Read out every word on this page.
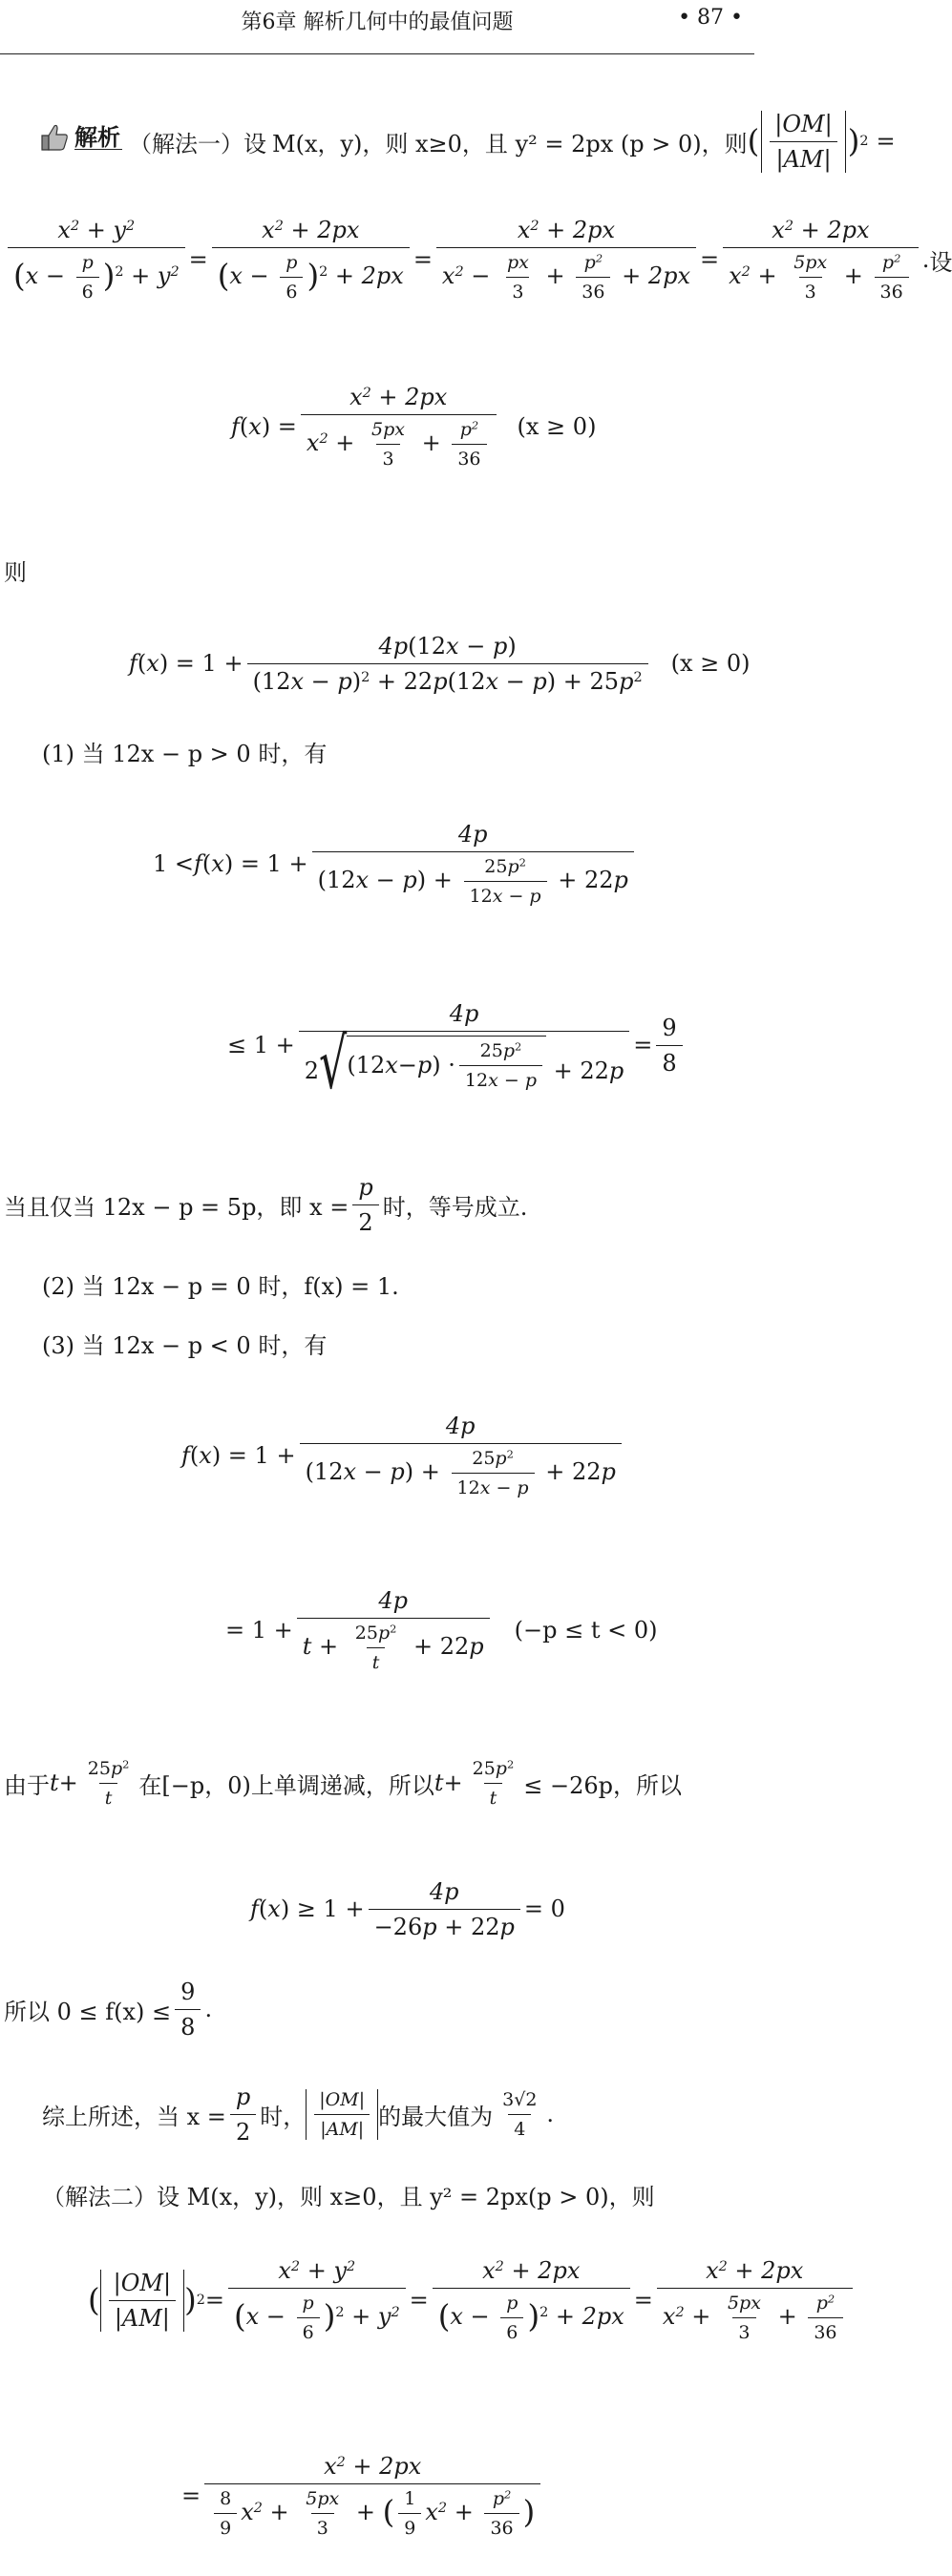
第6章 解析几何中的最值问题	• 87 •
解析 （解法一）设 M(x，y)，则 x≥0，且 y² = 2px (p > 0)，则 ( |OM|
|AM| ) 2 =
$\frac{x^2 + y^2}{(x - \frac{p}{6} )^2 + y^2} = \frac{x^2 + 2px}{(x - \frac{p}{6} )^2 + 2px} = \frac{x^2 + 2px}{x^2 - \frac{px}{3} + \frac{p^2}{36} + 2px} = \frac{x^2 + 2px}{x^2 + \frac{5px}{3} + \frac{p^2}{36}}$ . 设
f ( x ) =
$x^2 + 2px$
$x^2 + \frac{5px}{3} + \frac{p^2}{36} (x \ge 0)$
则
f ( x ) = 1 +
4p(12x − p)
$(12x - p)^2 + 22p(12x - p) + 25p^2$
(x ≥ 0)
(1) 当 12x − p > 0 时，有
1 < f ( x ) = 1 +
4p
$(12x - p) + \frac{25p^2}{12x - p} + 22p$
≤ 1 +
4p
2 √ (12 x − p ) ·
$25p^2$
12x − p + 22p
=
9
8
当且仅当 12x − p = 5p，即 $x = \frac{p}{2}$ 时，等号成立.
(2) 当 12x − p = 0 时，f(x) = 1.
(3) 当 12x − p < 0 时，有
f ( x ) = 1 +
4p
$(12x - p) + \frac{25p^2}{12x - p} + 22p$
= 1 +
4p
$t + \frac{25p^2}{t} + 22p$
(−p ≤ t < 0)
由于 t +
$25p^2$
t 在[−p，0)上单调递减，所以 $t + \frac{25p^2}{t} \le -26p$，所以
f ( x ) ≥ 1 +
4p
−26p + 22p
= 0
所以 $0 \le f(x) \le \frac{9}{8}$ .
综上所述，当 $x = \frac{p}{2}$ 时，
|OM|
|AM| 的最大值为
3√2
4
.
（解法二）设 M(x，y)，则 x≥0，且 y² = 2px(p > 0)，则
( |OM|
|AM| ) 2 =
$x^2 + y^2$
$(x - \frac{p}{6} )^2 + y^2$ =
$x^2 + 2px$
$(x - \frac{p}{6} )^2 + 2px$
=
$x^2 + 2px$
$x^2 + \frac{5px}{3} + \frac{p^2}{36}$
=
$x^2 + 2px$
$\frac{8}{9} x^2 + \frac{5px}{3}$ + ( $\frac{1}{9} x^2 + \frac{p^2}{36}$ )
